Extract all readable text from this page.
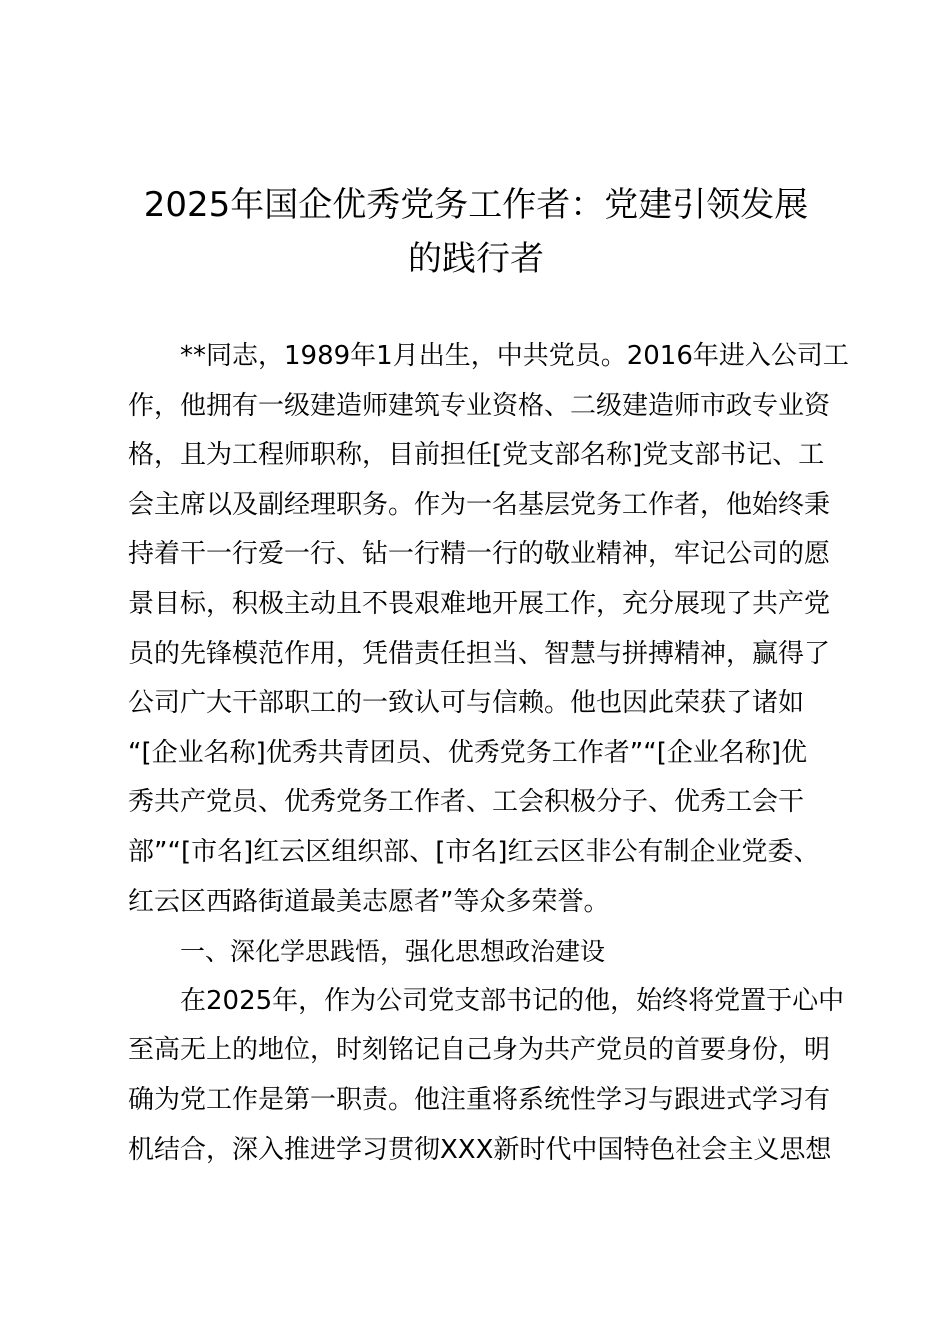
2025年国企优秀党务工作者：党建引领发展
的践行者
**同志，1989年1月出生，中共党员。2016年进入公司工
作，他拥有一级建造师建筑专业资格、二级建造师市政专业资
格，且为工程师职称，目前担任[党支部名称]党支部书记、工
会主席以及副经理职务。作为一名基层党务工作者，他始终秉
持着干一行爱一行、钻一行精一行的敬业精神，牢记公司的愿
景目标，积极主动且不畏艰难地开展工作，充分展现了共产党
员的先锋模范作用，凭借责任担当、智慧与拼搏精神，赢得了
公司广大干部职工的一致认可与信赖。他也因此荣获了诸如
“[企业名称]优秀共青团员、优秀党务工作者”“[企业名称]优
秀共产党员、优秀党务工作者、工会积极分子、优秀工会干
部”“[市名]红云区组织部、[市名]红云区非公有制企业党委、
红云区西路街道最美志愿者”等众多荣誉。
一、深化学思践悟，强化思想政治建设
在2025年，作为公司党支部书记的他，始终将党置于心中
至高无上的地位，时刻铭记自己身为共产党员的首要身份，明
确为党工作是第一职责。他注重将系统性学习与跟进式学习有
机结合，深入推进学习贯彻XXX新时代中国特色社会主义思想
